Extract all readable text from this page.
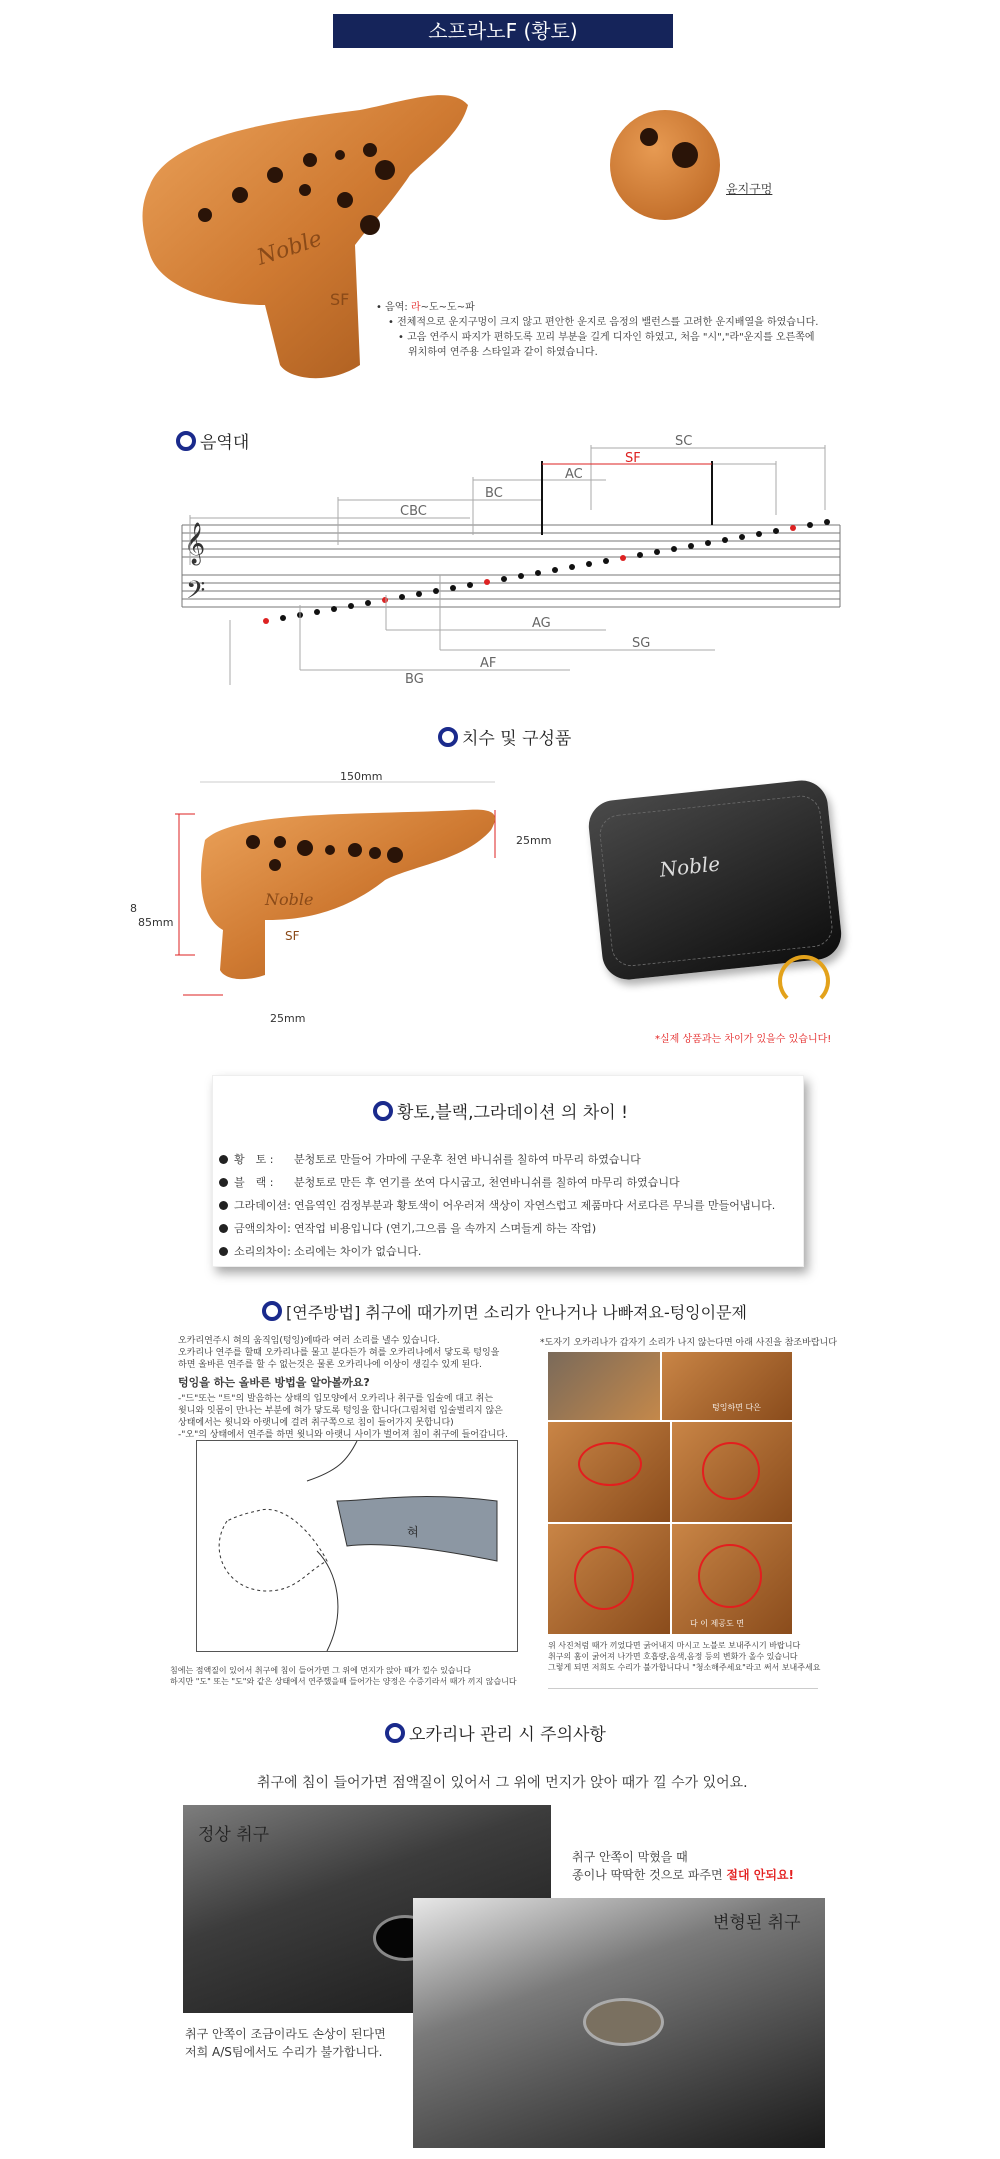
소프라노F (황토)
Noble
SF
윤지구멍
• 음역: 라~도~도~파
• 전체적으로 운지구멍이 크지 않고 편안한 운지로 음정의 밸런스를 고려한 운지배열을 하였습니다.
• 고음 연주시 파지가 편하도록 꼬리 부분을 길게 디자인 하였고, 처음 "시","라"운지를 오른쪽에
위치하여 연주용 스타일과 같이 하였습니다.
음역대
𝄞
𝄢
SC
SF
AC
BC
CBC
SG
AG
AF
BG
치수 및 구성품
Noble
SF
150mm
25mm
8
85mm
25mm
Noble
*실제 상품과는 차이가 있을수 있습니다!
황토,블랙,그라데이션 의 차이 !
황　토 : 분청토로 만들어 가마에 구운후 천연 바니쉬를 칠하여 마무리 하였습니다
블　랙 : 분청토로 만든 후 연기를 쏘여 다시굽고, 천연바니쉬를 칠하여 마무리 하였습니다
그라데이션: 연음역인 검정부분과 황토색이 어우러져 색상이 자연스럽고 제품마다 서로다른 무늬를 만들어냅니다.
금액의차이: 연작업 비용입니다 (연기,그으름 을 속까지 스며들게 하는 작업)
소리의차이: 소리에는 차이가 없습니다.
[연주방법] 취구에 때가끼면 소리가 안나거나 나빠져요-텅잉이문제
오카리연주시 혀의 움직임(텅잉)에따라 여러 소리를 낼수 있습니다.
오카리나 연주를 할때 오카리나를 물고 분다든가 혀를 오카리나에서 닿도록 텅잉을
하면 올바른 연주를 할 수 없는것은 물론 오카리나에 이상이 생길수 있게 된다.
텅잉을 하는 올바른 방법을 알아볼까요?
-"드"또는 "트"의 발음하는 상태의 입모양에서 오카리나 취구를 입술에 대고 취는
윗니와 잇몸이 만나는 부분에 혀가 닿도록 텅잉을 합니다(그림처럼 입술벌리지 않은
상태에서는 윗니와 아랫니에 걸려 취구쪽으로 침이 들어가지 못합니다)
-"오"의 상태에서 연주를 하면 윗니와 아랫니 사이가 벌어져 침이 취구에 들어갑니다.
혀
침에는 점액질이 있어서 취구에 침이 들어가면 그 위에 먼지가 앉아 때가 낄수 있습니다
하지만 "도" 또는 "도"와 같은 상태에서 연주했을때 들어가는 양정은 수증기라서 때가 끼지 않습니다
*도자기 오카리나가 갑자기 소리가 나지 않는다면 아래 사진을 참조바랍니다
텅잉하면 다은
다 이 제공도 면
위 사진처럼 때가 끼었다면 굵어내지 마시고 노블로 보내주시기 바랍니다
취구의 홈이 굵어져 나가면 호흡량,음색,음정 등의 변화가 올수 있습니다
그렇게 되면 저희도 수리가 불가합니다니 "청소해주세요"라고 써서 보내주세요
오카리나 관리 시 주의사항
취구에 침이 들어가면 점액질이 있어서 그 위에 먼지가 앉아 때가 낄 수가 있어요.
정상 취구
취구 안쪽이 막혔을 때
종이나 딱딱한 것으로 파주면 절대 안되요!
변형된 취구
취구 안쪽이 조금이라도 손상이 된다면
저희 A/S팀에서도 수리가 불가합니다.
